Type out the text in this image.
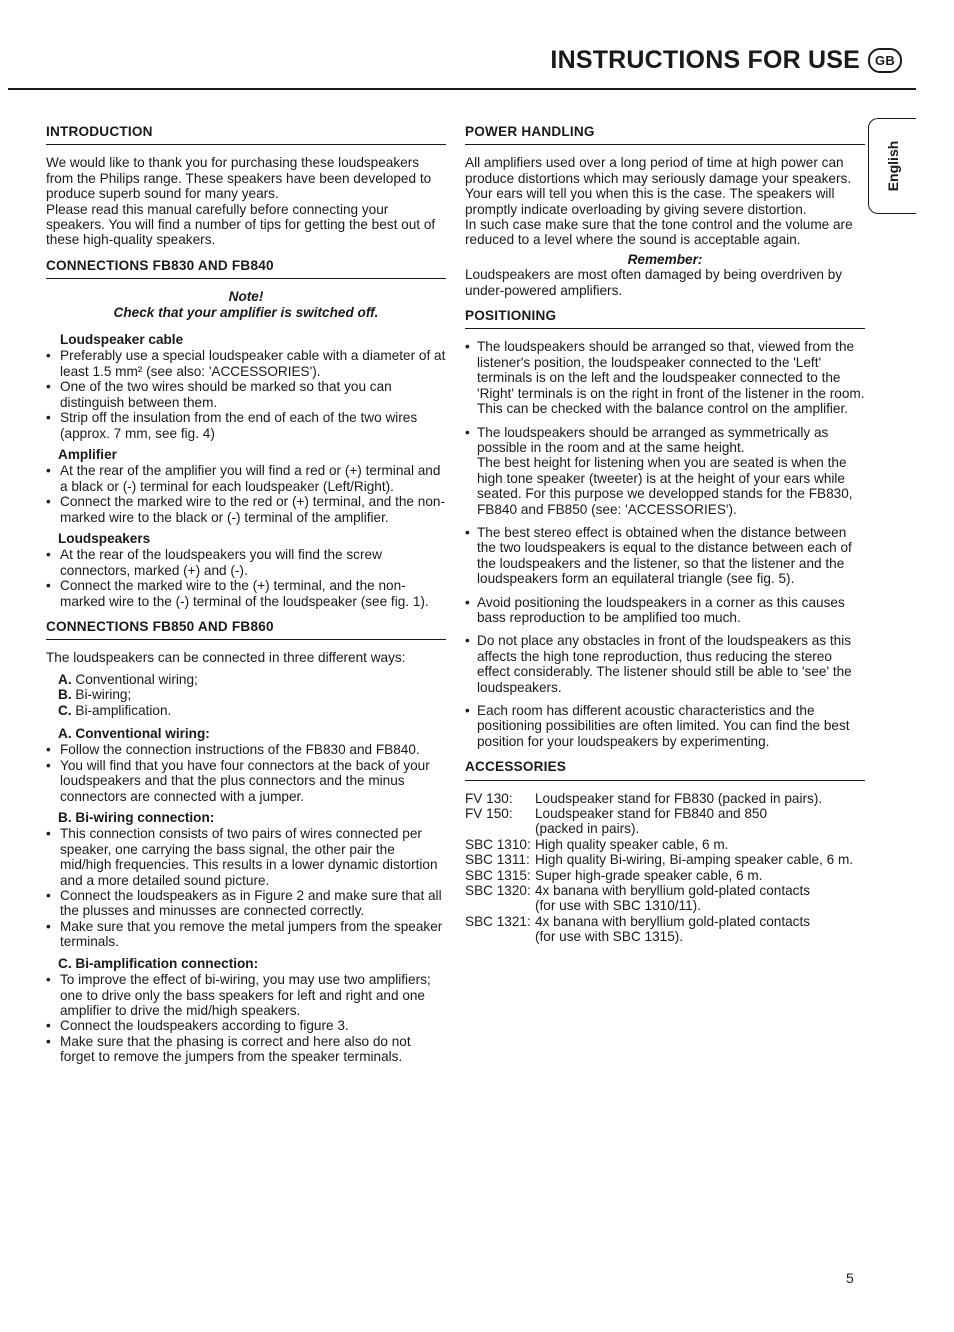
INSTRUCTIONS FOR USE	GB
English
INTRODUCTION

We would like to thank you for purchasing these loudspeakers from the Philips range. These speakers have been developed to produce superb sound for many years.
Please read this manual carefully before connecting your speakers. You will find a number of tips for getting the best out of these high-quality speakers.

CONNECTIONS FB830 AND FB840

Note!
Check that your amplifier is switched off.

Loudspeaker cable
• Preferably use a special loudspeaker cable with a diameter of at least 1.5 mm² (see also: 'ACCESSORIES').
• One of the two wires should be marked so that you can distinguish between them.
• Strip off the insulation from the end of each of the two wires (approx. 7 mm, see fig. 4)
Amplifier
• At the rear of the amplifier you will find a red or (+) terminal and a black or (-) terminal for each loudspeaker (Left/Right).
• Connect the marked wire to the red or (+) terminal, and the non-marked wire to the black or (-) terminal of the amplifier.
Loudspeakers
• At the rear of the loudspeakers you will find the screw connectors, marked (+) and (-).
• Connect the marked wire to the (+) terminal, and the non-marked wire to the (-) terminal of the loudspeaker (see fig. 1).
CONNECTIONS FB850 AND FB860

The loudspeakers can be connected in three different ways:

A. Conventional wiring;
B. Bi-wiring;
C. Bi-amplification.
A. Conventional wiring:
• Follow the connection instructions of the FB830 and FB840.
• You will find that you have four connectors at the back of your loudspeakers and that the plus connectors and the minus connectors are connected with a jumper.
B. Bi-wiring connection:
• This connection consists of two pairs of wires connected per speaker, one carrying the bass signal, the other pair the mid/high frequencies. This results in a lower dynamic distortion and a more detailed sound picture.
• Connect the loudspeakers as in Figure 2 and make sure that all the plusses and minusses are connected correctly.
• Make sure that you remove the metal jumpers from the speaker terminals.
C. Bi-amplification connection:
• To improve the effect of bi-wiring, you may use two amplifiers; one to drive only the bass speakers for left and right and one amplifier to drive the mid/high speakers.
• Connect the loudspeakers according to figure 3.
• Make sure that the phasing is correct and here also do not forget to remove the jumpers from the speaker terminals.
POWER HANDLING

All amplifiers used over a long period of time at high power can produce distortions which may seriously damage your speakers.
Your ears will tell you when this is the case. The speakers will promptly indicate overloading by giving severe distortion.
In such case make sure that the tone control and the volume are reduced to a level where the sound is acceptable again.

Remember:

Loudspeakers are most often damaged by being overdriven by under-powered amplifiers.

POSITIONING
• The loudspeakers should be arranged so that, viewed from the listener's position, the loudspeaker connected to the 'Left' terminals is on the left and the loudspeaker connected to the 'Right' terminals is on the right in front of the listener in the room. This can be checked with the balance control on the amplifier.
• The loudspeakers should be arranged as symmetrically as possible in the room and at the same height.
The best height for listening when you are seated is when the high tone speaker (tweeter) is at the height of your ears while seated. For this purpose we developped stands for the FB830, FB840 and FB850 (see: 'ACCESSORIES').
• The best stereo effect is obtained when the distance between the two loudspeakers is equal to the distance between each of the loudspeakers and the listener, so that the listener and the loudspeakers form an equilateral triangle (see fig. 5).
• Avoid positioning the loudspeakers in a corner as this causes bass reproduction to be amplified too much.
• Do not place any obstacles in front of the loudspeakers as this affects the high tone reproduction, thus reducing the stereo effect considerably. The listener should still be able to 'see' the loudspeakers.
• Each room has different acoustic characteristics and the positioning possibilities are often limited. You can find the best position for your loudspeakers by experimenting.
ACCESSORIES
FV 130:	Loudspeaker stand for FB830 (packed in pairs).
FV 150:	Loudspeaker stand for FB840 and 850
(packed in pairs).
SBC 1310: High quality speaker cable, 6 m.
SBC 1311: High quality Bi-wiring, Bi-amping speaker cable, 6 m.
SBC 1315: Super high-grade speaker cable, 6 m.
SBC 1320: 4x banana with beryllium gold-plated contacts
(for use with SBC 1310/11).
SBC 1321: 4x banana with beryllium gold-plated contacts
(for use with SBC 1315).
5
